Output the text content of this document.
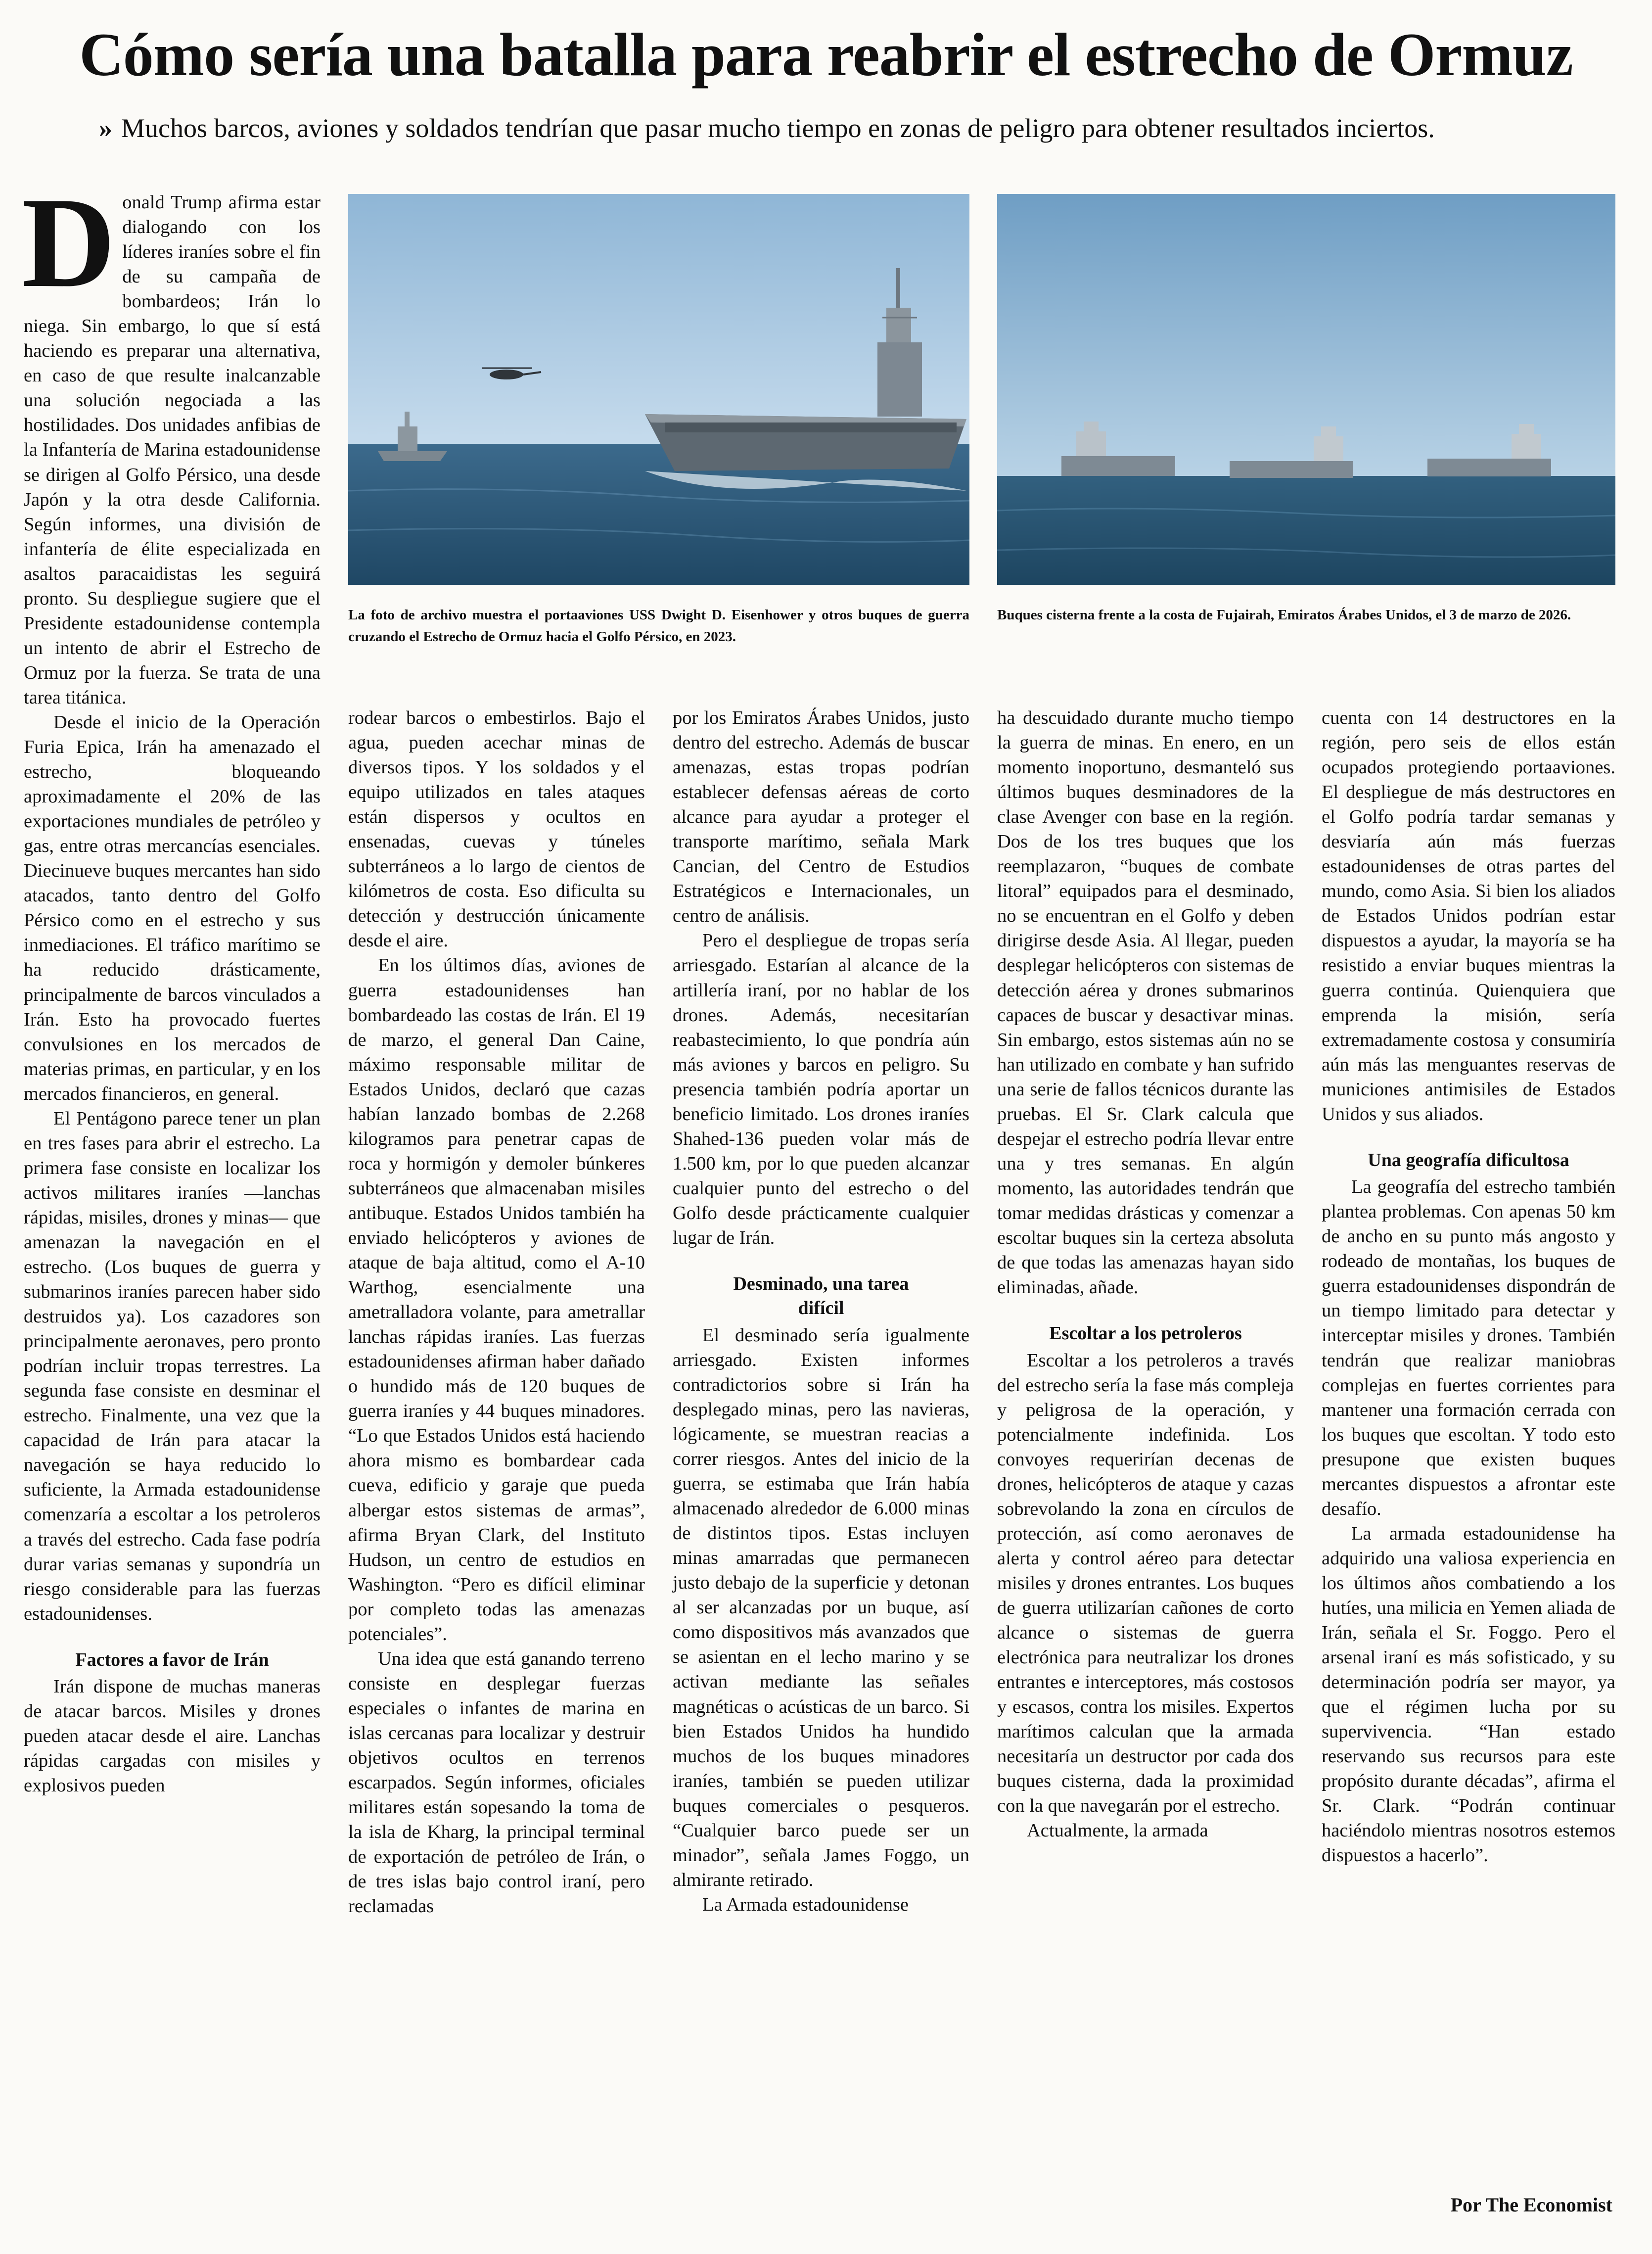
Cómo sería una batalla para reabrir el estrecho de Ormuz
» Muchos barcos, aviones y soldados tendrían que pasar mucho tiempo en zonas de peligro para obtener resultados inciertos.

La foto de archivo muestra el portaaviones USS Dwight D. Eisenhower y otros buques de guerra cruzando el Estrecho de Ormuz hacia el Golfo Pérsico, en 2023.

Buques cisterna frente a la costa de Fujairah, Emiratos Árabes Unidos, el 3 de marzo de 2026.

Donald Trump afirma estar dialogando con los líderes iraníes sobre el fin de su campaña de bombardeos; Irán lo niega. Sin embargo, lo que sí está haciendo es preparar una alternativa, en caso de que resulte inalcanzable una solución negociada a las hostilidades. Dos unidades anfibias de la Infantería de Marina estadounidense se dirigen al Golfo Pérsico, una desde Japón y la otra desde California. Según informes, una división de infantería de élite especializada en asaltos paracaidistas les seguirá pronto. Su despliegue sugiere que el Presidente estadounidense contempla un intento de abrir el Estrecho de Ormuz por la fuerza. Se trata de una tarea titánica.

Desde el inicio de la Operación Furia Epica, Irán ha amenazado el estrecho, bloqueando aproximadamente el 20% de las exportaciones mundiales de petróleo y gas, entre otras mercancías esenciales. Diecinueve buques mercantes han sido atacados, tanto dentro del Golfo Pérsico como en el estrecho y sus inmediaciones. El tráfico marítimo se ha reducido drásticamente, principalmente de barcos vinculados a Irán. Esto ha provocado fuertes convulsiones en los mercados de materias primas, en particular, y en los mercados financieros, en general.

El Pentágono parece tener un plan en tres fases para abrir el estrecho. La primera fase consiste en localizar los activos militares iraníes —lanchas rápidas, misiles, drones y minas— que amenazan la navegación en el estrecho. (Los buques de guerra y submarinos iraníes parecen haber sido destruidos ya). Los cazadores son principalmente aeronaves, pero pronto podrían incluir tropas terrestres. La segunda fase consiste en desminar el estrecho. Finalmente, una vez que la capacidad de Irán para atacar la navegación se haya reducido lo suficiente, la Armada estadounidense comenzaría a escoltar a los petroleros a través del estrecho. Cada fase podría durar varias semanas y supondría un riesgo considerable para las fuerzas estadounidenses.

Factores a favor de Irán

Irán dispone de muchas maneras de atacar barcos. Misiles y drones pueden atacar desde el aire. Lanchas rápidas cargadas con misiles y explosivos pueden

rodear barcos o embestirlos. Bajo el agua, pueden acechar minas de diversos tipos. Y los soldados y el equipo utilizados en tales ataques están dispersos y ocultos en ensenadas, cuevas y túneles subterráneos a lo largo de cientos de kilómetros de costa. Eso dificulta su detección y destrucción únicamente desde el aire.

En los últimos días, aviones de guerra estadounidenses han bombardeado las costas de Irán. El 19 de marzo, el general Dan Caine, máximo responsable militar de Estados Unidos, declaró que cazas habían lanzado bombas de 2.268 kilogramos para penetrar capas de roca y hormigón y demoler búnkeres subterráneos que almacenaban misiles antibuque. Estados Unidos también ha enviado helicópteros y aviones de ataque de baja altitud, como el A-10 Warthog, esencialmente una ametralladora volante, para ametrallar lanchas rápidas iraníes. Las fuerzas estadounidenses afirman haber dañado o hundido más de 120 buques de guerra iraníes y 44 buques minadores. “Lo que Estados Unidos está haciendo ahora mismo es bombardear cada cueva, edificio y garaje que pueda albergar estos sistemas de armas”, afirma Bryan Clark, del Instituto Hudson, un centro de estudios en Washington. “Pero es difícil eliminar por completo todas las amenazas potenciales”.

Una idea que está ganando terreno consiste en desplegar fuerzas especiales o infantes de marina en islas cercanas para localizar y destruir objetivos ocultos en terrenos escarpados. Según informes, oficiales militares están sopesando la toma de la isla de Kharg, la principal terminal de exportación de petróleo de Irán, o de tres islas bajo control iraní, pero reclamadas

por los Emiratos Árabes Unidos, justo dentro del estrecho. Además de buscar amenazas, estas tropas podrían establecer defensas aéreas de corto alcance para ayudar a proteger el transporte marítimo, señala Mark Cancian, del Centro de Estudios Estratégicos e Internacionales, un centro de análisis.

Pero el despliegue de tropas sería arriesgado. Estarían al alcance de la artillería iraní, por no hablar de los drones. Además, necesitarían reabastecimiento, lo que pondría aún más aviones y barcos en peligro. Su presencia también podría aportar un beneficio limitado. Los drones iraníes Shahed-136 pueden volar más de 1.500 km, por lo que pueden alcanzar cualquier punto del estrecho o del Golfo desde prácticamente cualquier lugar de Irán.

Desminado, una tarea difícil

El desminado sería igualmente arriesgado. Existen informes contradictorios sobre si Irán ha desplegado minas, pero las navieras, lógicamente, se muestran reacias a correr riesgos. Antes del inicio de la guerra, se estimaba que Irán había almacenado alrededor de 6.000 minas de distintos tipos. Estas incluyen minas amarradas que permanecen justo debajo de la superficie y detonan al ser alcanzadas por un buque, así como dispositivos más avanzados que se asientan en el lecho marino y se activan mediante las señales magnéticas o acústicas de un barco. Si bien Estados Unidos ha hundido muchos de los buques minadores iraníes, también se pueden utilizar buques comerciales o pesqueros. “Cualquier barco puede ser un minador”, señala James Foggo, un almirante retirado.

La Armada estadounidense

ha descuidado durante mucho tiempo la guerra de minas. En enero, en un momento inoportuno, desmanteló sus últimos buques desminadores de la clase Avenger con base en la región. Dos de los tres buques que los reemplazaron, “buques de combate litoral” equipados para el desminado, no se encuentran en el Golfo y deben dirigirse desde Asia. Al llegar, pueden desplegar helicópteros con sistemas de detección aérea y drones submarinos capaces de buscar y desactivar minas. Sin embargo, estos sistemas aún no se han utilizado en combate y han sufrido una serie de fallos técnicos durante las pruebas. El Sr. Clark calcula que despejar el estrecho podría llevar entre una y tres semanas. En algún momento, las autoridades tendrán que tomar medidas drásticas y comenzar a escoltar buques sin la certeza absoluta de que todas las amenazas hayan sido eliminadas, añade.

Escoltar a los petroleros

Escoltar a los petroleros a través del estrecho sería la fase más compleja y peligrosa de la operación, y potencialmente indefinida. Los convoyes requerirían decenas de drones, helicópteros de ataque y cazas sobrevolando la zona en círculos de protección, así como aeronaves de alerta y control aéreo para detectar misiles y drones entrantes. Los buques de guerra utilizarían cañones de corto alcance o sistemas de guerra electrónica para neutralizar los drones entrantes e interceptores, más costosos y escasos, contra los misiles. Expertos marítimos calculan que la armada necesitaría un destructor por cada dos buques cisterna, dada la proximidad con la que navegarán por el estrecho.

Actualmente, la armada

cuenta con 14 destructores en la región, pero seis de ellos están ocupados protegiendo portaaviones. El despliegue de más destructores en el Golfo podría tardar semanas y desviaría aún más fuerzas estadounidenses de otras partes del mundo, como Asia. Si bien los aliados de Estados Unidos podrían estar dispuestos a ayudar, la mayoría se ha resistido a enviar buques mientras la guerra continúa. Quienquiera que emprenda la misión, sería extremadamente costosa y consumiría aún más las menguantes reservas de municiones antimisiles de Estados Unidos y sus aliados.

Una geografía dificultosa

La geografía del estrecho también plantea problemas. Con apenas 50 km de ancho en su punto más angosto y rodeado de montañas, los buques de guerra estadounidenses dispondrán de un tiempo limitado para detectar y interceptar misiles y drones. También tendrán que realizar maniobras complejas en fuertes corrientes para mantener una formación cerrada con los buques que escoltan. Y todo esto presupone que existen buques mercantes dispuestos a afrontar este desafío.

La armada estadounidense ha adquirido una valiosa experiencia en los últimos años combatiendo a los hutíes, una milicia en Yemen aliada de Irán, señala el Sr. Foggo. Pero el arsenal iraní es más sofisticado, y su determinación podría ser mayor, ya que el régimen lucha por su supervivencia. “Han estado reservando sus recursos para este propósito durante décadas”, afirma el Sr. Clark. “Podrán continuar haciéndolo mientras nosotros estemos dispuestos a hacerlo”.

Por The Economist
